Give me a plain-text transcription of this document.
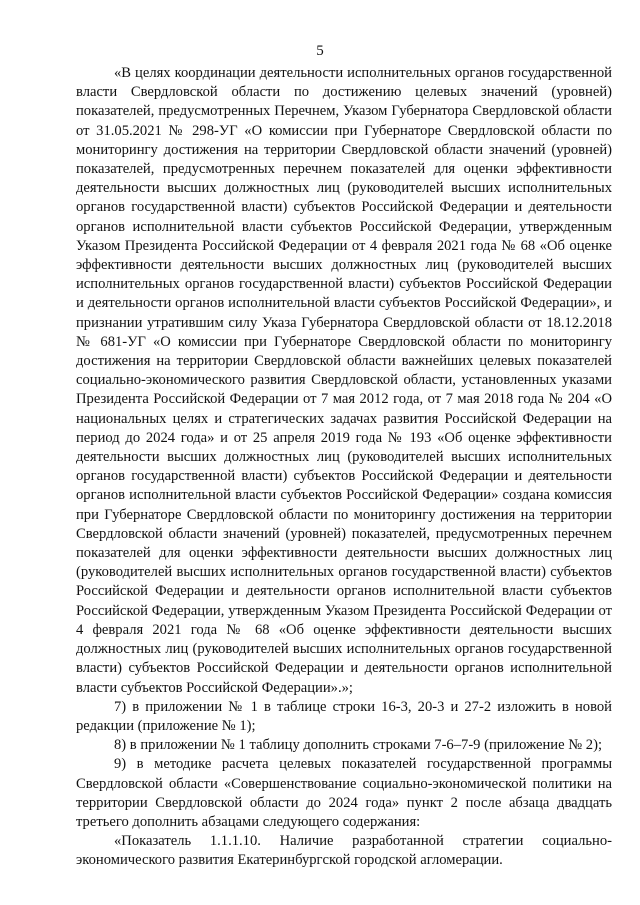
5

«В целях координации деятельности исполнительных органов государственной власти Свердловской области по достижению целевых значений (уровней) показателей, предусмотренных Перечнем, Указом Губернатора Свердловской области от 31.05.2021 № 298-УГ «О комиссии при Губернаторе Свердловской области по мониторингу достижения на территории Свердловской области значений (уровней) показателей, предусмотренных перечнем показателей для оценки эффективности деятельности высших должностных лиц (руководителей высших исполнительных органов государственной власти) субъектов Российской Федерации и деятельности органов исполнительной власти субъектов Российской Федерации, утвержденным Указом Президента Российской Федерации от 4 февраля 2021 года № 68 «Об оценке эффективности деятельности высших должностных лиц (руководителей высших исполнительных органов государственной власти) субъектов Российской Федерации и деятельности органов исполнительной власти субъектов Российской Федерации», и признании утратившим силу Указа Губернатора Свердловской области от 18.12.2018 № 681-УГ «О комиссии при Губернаторе Свердловской области по мониторингу достижения на территории Свердловской области важнейших целевых показателей социально-экономического развития Свердловской области, установленных указами Президента Российской Федерации от 7 мая 2012 года, от 7 мая 2018 года № 204 «О национальных целях и стратегических задачах развития Российской Федерации на период до 2024 года» и от 25 апреля 2019 года № 193 «Об оценке эффективности деятельности высших должностных лиц (руководителей высших исполнительных органов государственной власти) субъектов Российской Федерации и деятельности органов исполнительной власти субъектов Российской Федерации» создана комиссия при Губернаторе Свердловской области по мониторингу достижения на территории Свердловской области значений (уровней) показателей, предусмотренных перечнем показателей для оценки эффективности деятельности высших должностных лиц (руководителей высших исполнительных органов государственной власти) субъектов Российской Федерации и деятельности органов исполнительной власти субъектов Российской Федерации, утвержденным Указом Президента Российской Федерации от 4 февраля 2021 года № 68 «Об оценке эффективности деятельности высших должностных лиц (руководителей высших исполнительных органов государственной власти) субъектов Российской Федерации и деятельности органов исполнительной власти субъектов Российской Федерации».»;

7) в приложении № 1 в таблице строки 16-3, 20-3 и 27-2 изложить в новой редакции (приложение № 1);

8) в приложении № 1 таблицу дополнить строками 7-6–7-9 (приложение № 2);

9) в методике расчета целевых показателей государственной программы Свердловской области «Совершенствование социально-экономической политики на территории Свердловской области до 2024 года» пункт 2 после абзаца двадцать третьего дополнить абзацами следующего содержания:

«Показатель 1.1.1.10. Наличие разработанной стратегии социально-экономического развития Екатеринбургской городской агломерации.
